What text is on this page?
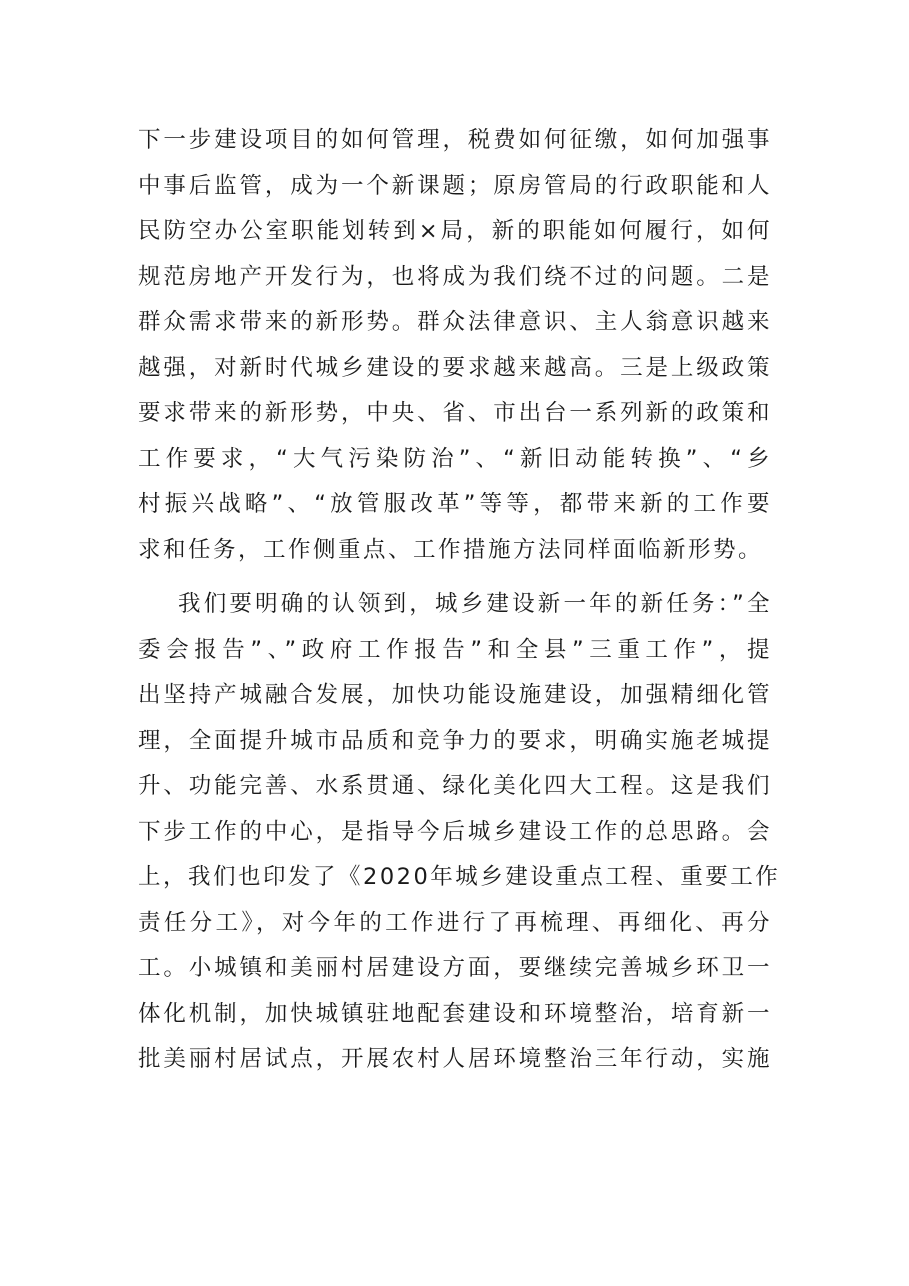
下一步建设项目的如何管理，税费如何征缴，如何加强事
中事后监管，成为一个新课题；原房管局的行政职能和人
民防空办公室职能划转到×局，新的职能如何履行，如何
规范房地产开发行为，也将成为我们绕不过的问题。二是
群众需求带来的新形势。群众法律意识、主人翁意识越来
越强，对新时代城乡建设的要求越来越高。三是上级政策
要求带来的新形势，中央、省、市出台一系列新的政策和
工作要求，“大气污染防治”、“新旧动能转换”、“乡
村振兴战略”、“放管服改革”等等，都带来新的工作要
求和任务，工作侧重点、工作措施方法同样面临新形势。
我们要明确的认领到，城乡建设新一年的新任务：”全
委会报告”、”政府工作报告”和全县”三重工作”，提
出坚持产城融合发展，加快功能设施建设，加强精细化管
理，全面提升城市品质和竞争力的要求，明确实施老城提
升、功能完善、水系贯通、绿化美化四大工程。这是我们
下步工作的中心，是指导今后城乡建设工作的总思路。会
上，我们也印发了《2020年城乡建设重点工程、重要工作
责任分工》，对今年的工作进行了再梳理、再细化、再分
工。小城镇和美丽村居建设方面，要继续完善城乡环卫一
体化机制，加快城镇驻地配套建设和环境整治，培育新一
批美丽村居试点，开展农村人居环境整治三年行动，实施
